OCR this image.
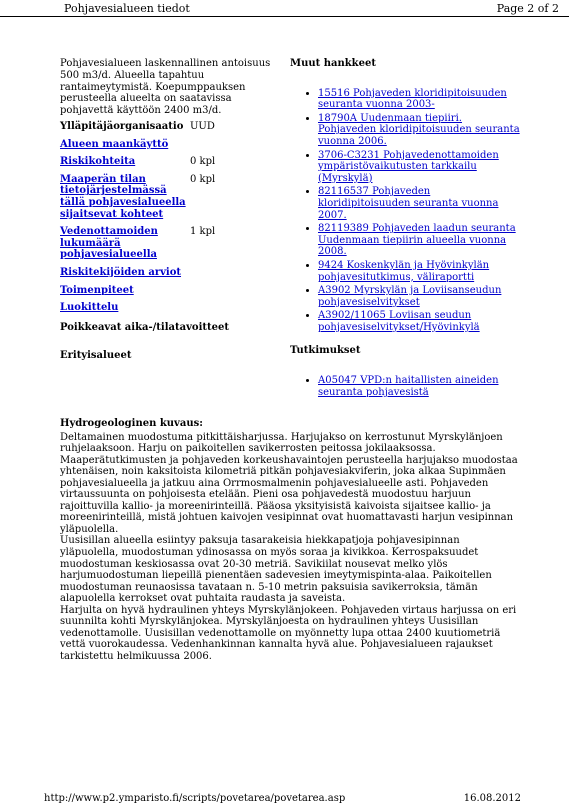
Pohjavesialueen tiedot	Page 2 of 2

Pohjavesialueen laskennallinen antoisuus 500 m3/d. Alueella tapahtuu rantaimeytymistä. Koepumppauksen perusteella alueelta on saatavissa pohjavettä käyttöön 2400 m3/d.

Ylläpitäjäorganisaatio	UUD
Alueen maankäyttö	
Riskikohteita	0 kpl
Maaperän tilan tietojärjestelmässä tällä pohjavesialueella sijaitsevat kohteet	0 kpl
Vedenottamoiden lukumäärä pohjavesialueella	1 kpl
Riskitekijöiden arviot	
Toimenpiteet	
Luokittelu	
Poikkeavat aika-/tilatavoitteet
Erityisalueet
Muut hankkeet
• 15516 Pohjaveden kloridipitoisuuden seuranta vuonna 2003-
• 18790A Uudenmaan tiepiiri. Pohjaveden kloridipitoisuuden seuranta vuonna 2006.
• 3706-C3231 Pohjavedenottamoiden ympäristövaikutusten tarkkailu (Myrskylä)
• 82116537 Pohjaveden kloridipitoisuuden seuranta vuonna 2007.
• 82119389 Pohjaveden laadun seuranta Uudenmaan tiepiirin alueella vuonna 2008.
• 9424 Koskenkylän ja Hyövinkylän pohjavesitutkimus, väliraportti
• A3902 Myrskylän ja Loviisanseudun pohjavesiselvitykset
• A3902/11065 Loviisan seudun pohjavesiselvitykset/Hyövinkylä
Tutkimukset
• A05047 VPD:n haitallisten aineiden seuranta pohjavesistä
Hydrogeologinen kuvaus:

Deltamainen muodostuma pitkittäisharjussa. Harjujakso on kerrostunut Myrskylänjoen ruhjelaaksoon. Harju on paikoitellen savikerrosten peitossa jokilaaksossa. Maaperätutkimusten ja pohjaveden korkeushavaintojen perusteella harjujakso muodostaa yhtenäisen, noin kaksitoista kilometriä pitkän pohjavesiakviferin, joka alkaa Supinmäen pohjavesialueella ja jatkuu aina Orrmosmalmenin pohjavesialueelle asti. Pohjaveden virtaussuunta on pohjoisesta etelään. Pieni osa pohjavedestä muodostuu harjuun rajoittuvilla kallio- ja moreenirinteillä. Pääosa yksityisistä kaivoista sijaitsee kallio- ja moreenirinteillä, mistä johtuen kaivojen vesipinnat ovat huomattavasti harjun vesipinnan yläpuolella.
Uusisillan alueella esiintyy paksuja tasarakeisia hiekkapatjoja pohjavesipinnan yläpuolella, muodostuman ydinosassa on myös soraa ja kivikkoa. Kerrospaksuudet muodostuman keskiosassa ovat 20-30 metriä. Savikiilat nousevat melko ylös harjumuodostuman liepeillä pienentäen sadevesien imeytymispinta-alaa. Paikoitellen muodostuman reunaosissa tavataan n. 5-10 metrin paksuisia savikerroksia, tämän alapuolella kerrokset ovat puhtaita raudasta ja saveista.
Harjulta on hyvä hydraulinen yhteys Myrskylänjokeen. Pohjaveden virtaus harjussa on eri suunnilta kohti Myrskylänjokea. Myrskylänjoesta on hydraulinen yhteys Uusisillan vedenottamolle. Uusisillan vedenottamolle on myönnetty lupa ottaa 2400 kuutiometriä vettä vuorokaudessa. Vedenhankinnan kannalta hyvä alue. Pohjavesialueen rajaukset tarkistettu helmikuussa 2006.

http://www.p2.ymparisto.fi/scripts/povetarea/povetarea.asp	16.08.2012
